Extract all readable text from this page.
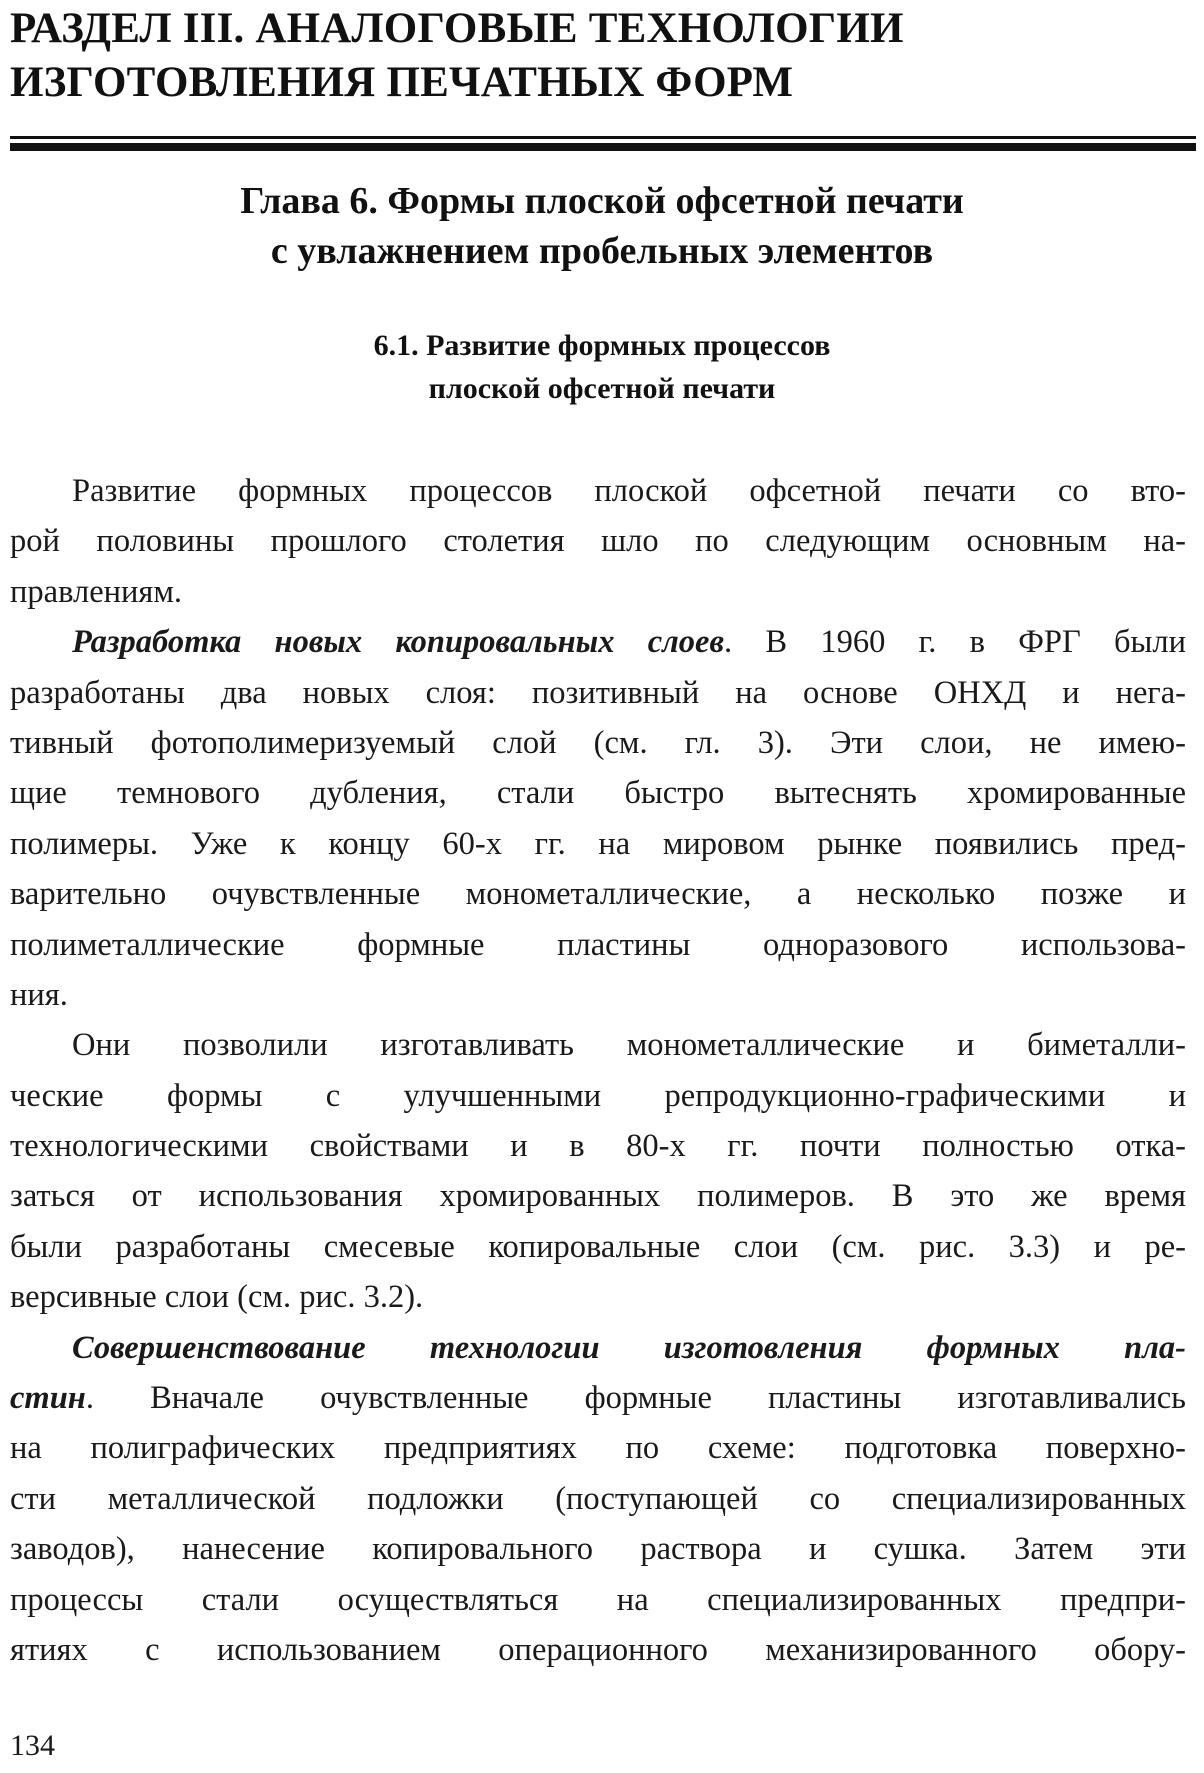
РАЗДЕЛ III. АНАЛОГОВЫЕ ТЕХНОЛОГИИ
ИЗГОТОВЛЕНИЯ ПЕЧАТНЫХ ФОРМ
Глава 6. Формы плоской офсетной печати
с увлажнением пробельных элементов
6.1. Развитие формных процессов
плоской офсетной печати
Развитие формных процессов плоской офсетной печати со вто-
рой половины прошлого столетия шло по следующим основным на-
правлениям.
Разработка новых копировальных слоев. В 1960 г. в ФРГ были
разработаны два новых слоя: позитивный на основе ОНХД и нега-
тивный фотополимеризуемый слой (см. гл. 3). Эти слои, не имею-
щие темнового дубления, стали быстро вытеснять хромированные
полимеры. Уже к концу 60-х гг. на мировом рынке появились пред-
варительно очувствленные монометаллические, а несколько позже и
полиметаллические формные пластины одноразового использова-
ния.
Они позволили изготавливать монометаллические и биметалли-
ческие формы с улучшенными репродукционно-графическими и
технологическими свойствами и в 80-х гг. почти полностью отка-
заться от использования хромированных полимеров. В это же время
были разработаны смесевые копировальные слои (см. рис. 3.3) и ре-
версивные слои (см. рис. 3.2).
Совершенствование технологии изготовления формных пла-
стин. Вначале очувствленные формные пластины изготавливались
на полиграфических предприятиях по схеме: подготовка поверхно-
сти металлической подложки (поступающей со специализированных
заводов), нанесение копировального раствора и сушка. Затем эти
процессы стали осуществляться на специализированных предпри-
ятиях с использованием операционного механизированного обору-
134
